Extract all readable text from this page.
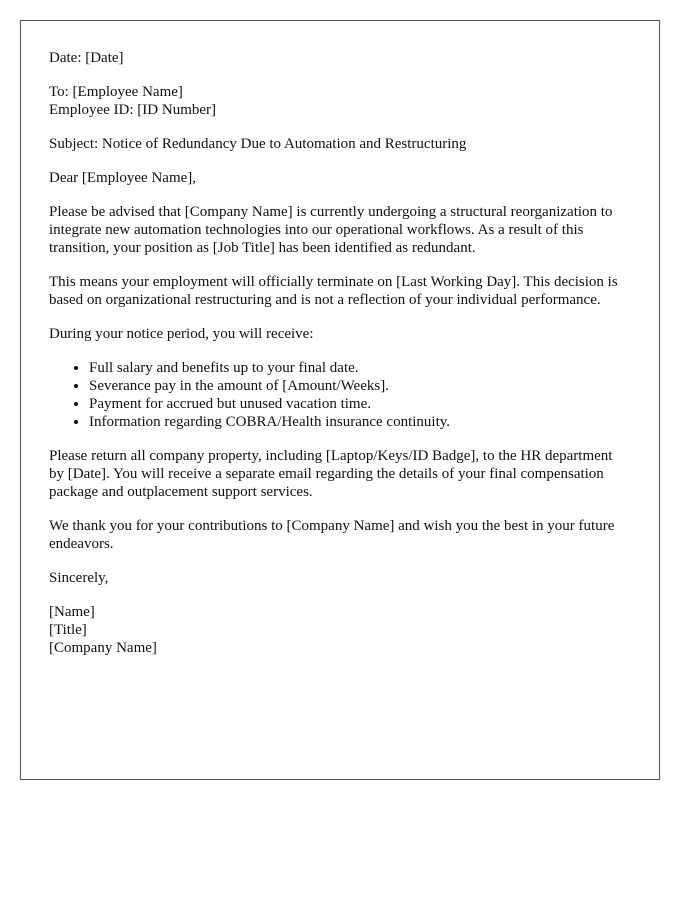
Date: [Date]

To: [Employee Name]
Employee ID: [ID Number]

Subject: Notice of Redundancy Due to Automation and Restructuring

Dear [Employee Name],

Please be advised that [Company Name] is currently undergoing a structural reorganization to integrate new automation technologies into our operational workflows. As a result of this transition, your position as [Job Title] has been identified as redundant.

This means your employment will officially terminate on [Last Working Day]. This decision is based on organizational restructuring and is not a reflection of your individual performance.

During your notice period, you will receive:

• Full salary and benefits up to your final date.
• Severance pay in the amount of [Amount/Weeks].
• Payment for accrued but unused vacation time.
• Information regarding COBRA/Health insurance continuity.

Please return all company property, including [Laptop/Keys/ID Badge], to the HR department by [Date]. You will receive a separate email regarding the details of your final compensation package and outplacement support services.

We thank you for your contributions to [Company Name] and wish you the best in your future endeavors.

Sincerely,

[Name]
[Title]
[Company Name]
